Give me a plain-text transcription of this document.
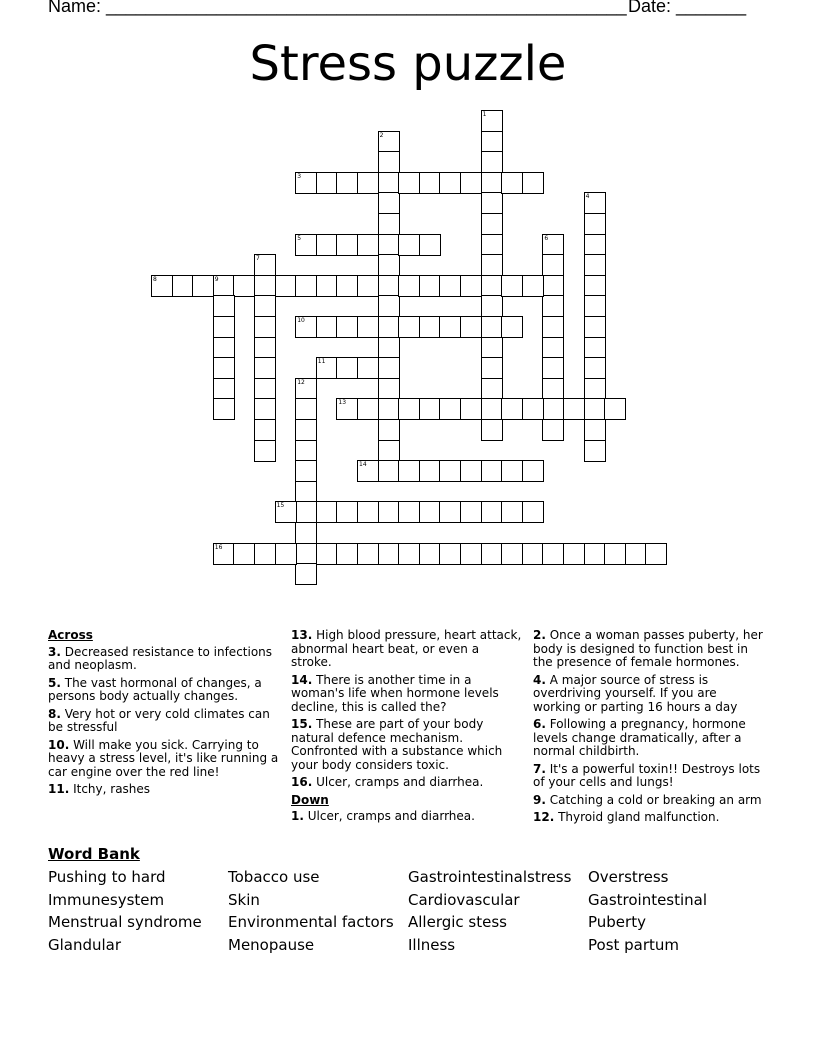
Name: ____________________________________________________ Date: _______
Stress puzzle
1
2
3
4
5	6
7
8	9
10
11
12
13
14
15
16
Across
3. Decreased resistance to infections and neoplasm.
5. The vast hormonal of changes, a persons body actually changes.
8. Very hot or very cold climates can be stressful
10. Will make you sick. Carrying to heavy a stress level, it's like running a car engine over the red line!
11. Itchy, rashes
13. High blood pressure, heart attack, abnormal heart beat, or even a stroke.
14. There is another time in a woman's life when hormone levels decline, this is called the?
15. These are part of your body natural defence mechanism. Confronted with a substance which your body considers toxic.
16. Ulcer, cramps and diarrhea.
Down
1. Ulcer, cramps and diarrhea.
2. Once a woman passes puberty, her body is designed to function best in the presence of female hormones.
4. A major source of stress is overdriving yourself. If you are working or parting 16 hours a day
6. Following a pregnancy, hormone levels change dramatically, after a normal childbirth.
7. It's a powerful toxin!! Destroys lots of your cells and lungs!
9. Catching a cold or breaking an arm
12. Thyroid gland malfunction.
Word Bank
Pushing to hard
Immunesystem
Menstrual syndrome
Glandular
Tobacco use
Skin
Environmental factors
Menopause
Gastrointestinalstress
Cardiovascular
Allergic stess
Illness
Overstress
Gastrointestinal
Puberty
Post partum
